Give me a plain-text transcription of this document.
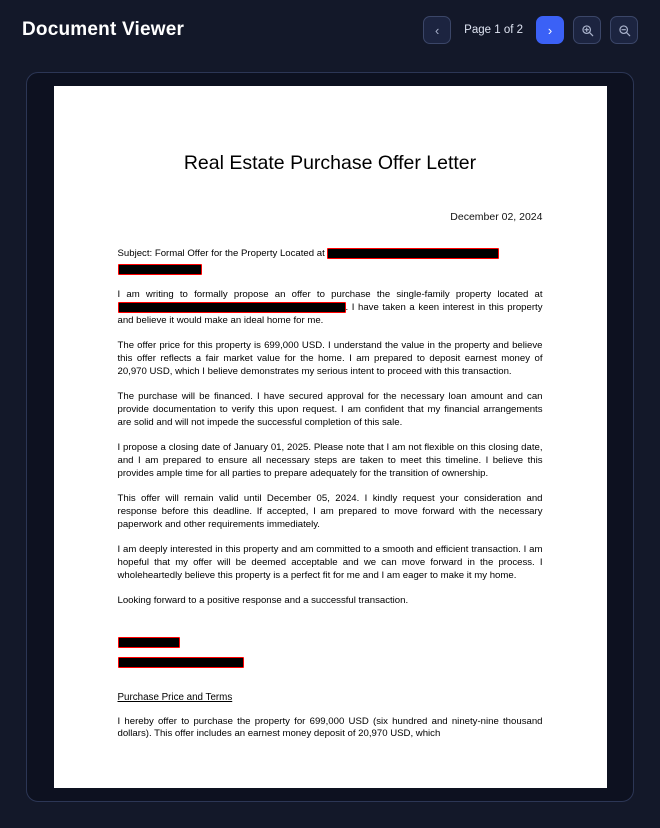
Document Viewer	‹	Page 1 of 2	›
Real Estate Purchase Offer Letter
December 02, 2024
Subject: Formal Offer for the Property Located at

I am writing to formally propose an offer to purchase the single-family property located at . I have taken a keen interest in this property and believe it would make an ideal home for me.

The offer price for this property is 699,000 USD. I understand the value in the property and believe this offer reflects a fair market value for the home. I am prepared to deposit earnest money of 20,970 USD, which I believe demonstrates my serious intent to proceed with this transaction.

The purchase will be financed. I have secured approval for the necessary loan amount and can provide documentation to verify this upon request. I am confident that my financial arrangements are solid and will not impede the successful completion of this sale.

I propose a closing date of January 01, 2025. Please note that I am not flexible on this closing date, and I am prepared to ensure all necessary steps are taken to meet this timeline. I believe this provides ample time for all parties to prepare adequately for the transition of ownership.

This offer will remain valid until December 05, 2024. I kindly request your consideration and response before this deadline. If accepted, I am prepared to move forward with the necessary paperwork and other requirements immediately.

I am deeply interested in this property and am committed to a smooth and efficient transaction. I am hopeful that my offer will be deemed acceptable and we can move forward in the process. I wholeheartedly believe this property is a perfect fit for me and I am eager to make it my home.

Looking forward to a positive response and a successful transaction.

Purchase Price and Terms

I hereby offer to purchase the property for 699,000 USD (six hundred and ninety-nine thousand dollars). This offer includes an earnest money deposit of 20,970 USD, which
